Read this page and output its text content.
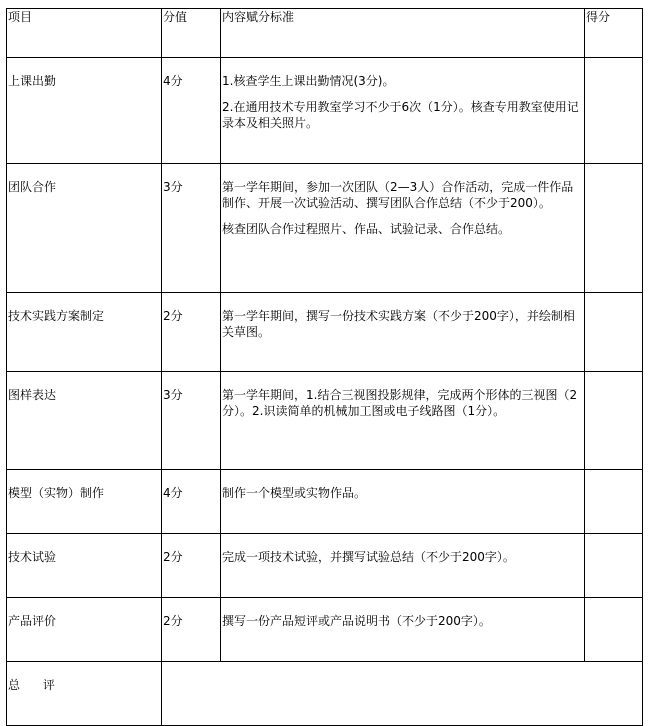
项目	分值	内容赋分标准	得分
上课出勤	4分	1.核查学生上课出勤情况(3分)。
2.在通用技术专用教室学习不少于6次（1分）。核查专用教室使用记录本及相关照片。	

团队合作	3分	第一学年期间，参加一次团队（2—3人）合作活动，完成一件作品制作、开展一次试验活动、撰写团队合作总结（不少于200）。
核查团队合作过程照片、作品、试验记录、合作总结。	

技术实践方案制定	2分	第一学年期间，撰写一份技术实践方案（不少于200字），并绘制相关草图。	

图样表达	3分	第一学年期间，1.结合三视图投影规律，完成两个形体的三视图（2分）。2.识读简单的机械加工图或电子线路图（1分）。	

模型（实物）制作	4分	制作一个模型或实物作品。	

技术试验	2分	完成一项技术试验，并撰写试验总结（不少于200字）。	

产品评价	2分	撰写一份产品短评或产品说明书（不少于200字）。	

总      评			
